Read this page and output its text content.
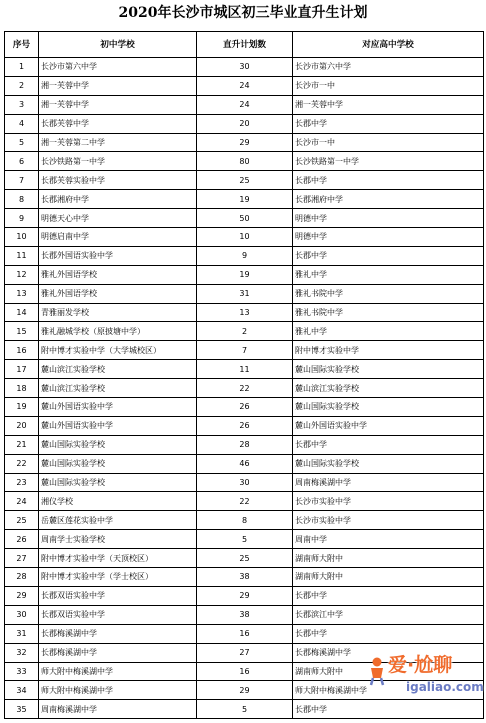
2020年长沙市城区初三毕业直升生计划
序号	初中学校	直升计划数	对应高中学校
1	长沙市第六中学	30	长沙市第六中学
2	湘一芙蓉中学	24	长沙市一中
3	湘一芙蓉中学	24	湘一芙蓉中学
4	长郡芙蓉中学	20	长郡中学
5	湘一芙蓉第二中学	29	长沙市一中
6	长沙铁路第一中学	80	长沙铁路第一中学
7	长郡芙蓉实验中学	25	长郡中学
8	长郡湘府中学	19	长郡湘府中学
9	明德天心中学	50	明德中学
10	明德启南中学	10	明德中学
11	长郡外国语实验中学	9	长郡中学
12	雅礼外国语学校	19	雅礼中学
13	雅礼外国语学校	31	雅礼书院中学
14	青雅丽发学校	13	雅礼书院中学
15	雅礼融城学校（原披塘中学）	2	雅礼中学
16	附中博才实验中学（大学城校区）	7	附中博才实验中学
17	麓山滨江实验学校	11	麓山国际实验学校
18	麓山滨江实验学校	22	麓山滨江实验学校
19	麓山外国语实验中学	26	麓山国际实验学校
20	麓山外国语实验中学	26	麓山外国语实验中学
21	麓山国际实验学校	28	长郡中学
22	麓山国际实验学校	46	麓山国际实验学校
23	麓山国际实验学校	30	周南梅溪湖中学
24	湘仪学校	22	长沙市实验中学
25	岳麓区莲花实验中学	8	长沙市实验中学
26	周南学士实验学校	5	周南中学
27	附中博才实验中学（天顶校区）	25	湖南师大附中
28	附中博才实验中学（学士校区）	38	湖南师大附中
29	长郡双语实验中学	29	长郡中学
30	长郡双语实验中学	38	长郡滨江中学
31	长郡梅溪湖中学	16	长郡中学
32	长郡梅溪湖中学	27	长郡梅溪湖中学
33	师大附中梅溪湖中学	16	湖南师大附中
34	师大附中梅溪湖中学	29	师大附中梅溪湖中学
35	周南梅溪湖中学	5	长郡中学
爱·尬聊
igaliao.com
